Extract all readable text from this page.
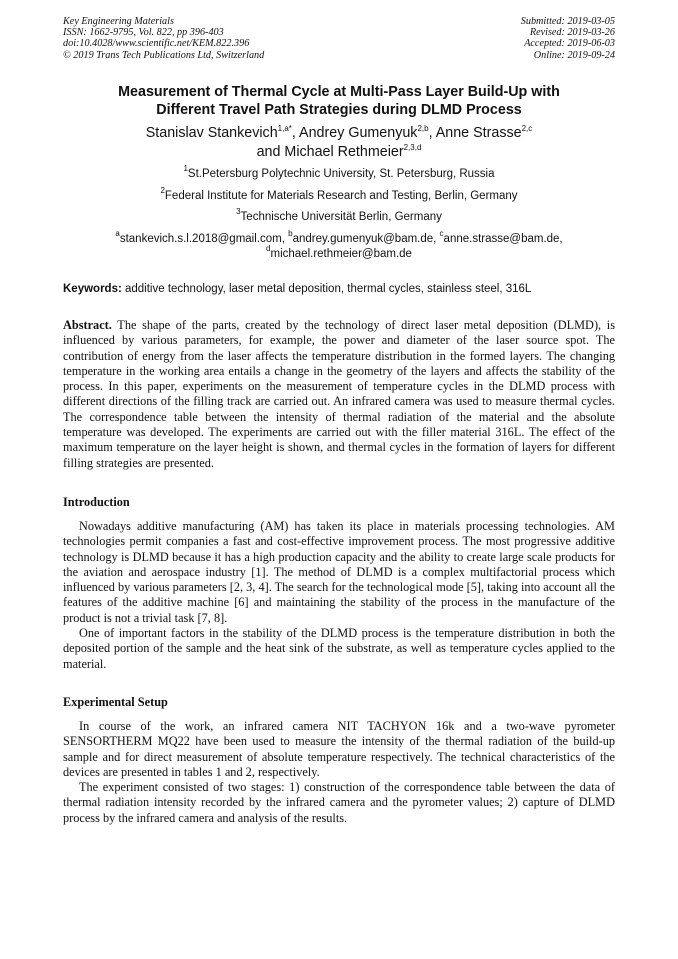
Key Engineering Materials
ISSN: 1662-9795, Vol. 822, pp 396-403
doi:10.4028/www.scientific.net/KEM.822.396
© 2019 Trans Tech Publications Ltd, Switzerland
Submitted: 2019-03-05
Revised: 2019-03-26
Accepted: 2019-06-03
Online: 2019-09-24
Measurement of Thermal Cycle at Multi-Pass Layer Build-Up with
Different Travel Path Strategies during DLMD Process
Stanislav Stankevich$^{1,a*}$, Andrey Gumenyuk$^{2,b}$, Anne Strasse$^{2,c}$
and Michael Rethmeier$^{2,3,d}$
$^1$St.Petersburg Polytechnic University, St. Petersburg, Russia
$^2$Federal Institute for Materials Research and Testing, Berlin, Germany
$^3$Technische Universität Berlin, Germany
$^a$stankevich.s.l.2018@gmail.com, $^b$andrey.gumenyuk@bam.de, $^c$anne.strasse@bam.de,
$^d$michael.rethmeier@bam.de
Keywords: additive technology, laser metal deposition, thermal cycles, stainless steel, 316L
Abstract. The shape of the parts, created by the technology of direct laser metal deposition (DLMD), is influenced by various parameters, for example, the power and diameter of the laser source spot. The contribution of energy from the laser affects the temperature distribution in the formed layers. The changing temperature in the working area entails a change in the geometry of the layers and affects the stability of the process. In this paper, experiments on the measurement of temperature cycles in the DLMD process with different directions of the filling track are carried out. An infrared camera was used to measure thermal cycles. The correspondence table between the intensity of thermal radiation of the material and the absolute temperature was developed. The experiments are carried out with the filler material 316L. The effect of the maximum temperature on the layer height is shown, and thermal cycles in the formation of layers for different filling strategies are presented.
Introduction

Nowadays additive manufacturing (AM) has taken its place in materials processing technologies. AM technologies permit companies a fast and cost-effective improvement process. The most progressive additive technology is DLMD because it has a high production capacity and the ability to create large scale products for the aviation and aerospace industry [1]. The method of DLMD is a complex multifactorial process which influenced by various parameters [2, 3, 4]. The search for the technological mode [5], taking into account all the features of the additive machine [6] and maintaining the stability of the process in the manufacture of the product is not a trivial task [7, 8].

One of important factors in the stability of the DLMD process is the temperature distribution in both the deposited portion of the sample and the heat sink of the substrate, as well as temperature cycles applied to the material.

Experimental Setup

In course of the work, an infrared camera NIT TACHYON 16k and a two-wave pyrometer SENSORTHERM MQ22 have been used to measure the intensity of the thermal radiation of the build-up sample and for direct measurement of absolute temperature respectively. The technical characteristics of the devices are presented in tables 1 and 2, respectively.

The experiment consisted of two stages: 1) construction of the correspondence table between the data of thermal radiation intensity recorded by the infrared camera and the pyrometer values; 2) capture of DLMD process by the infrared camera and analysis of the results.
